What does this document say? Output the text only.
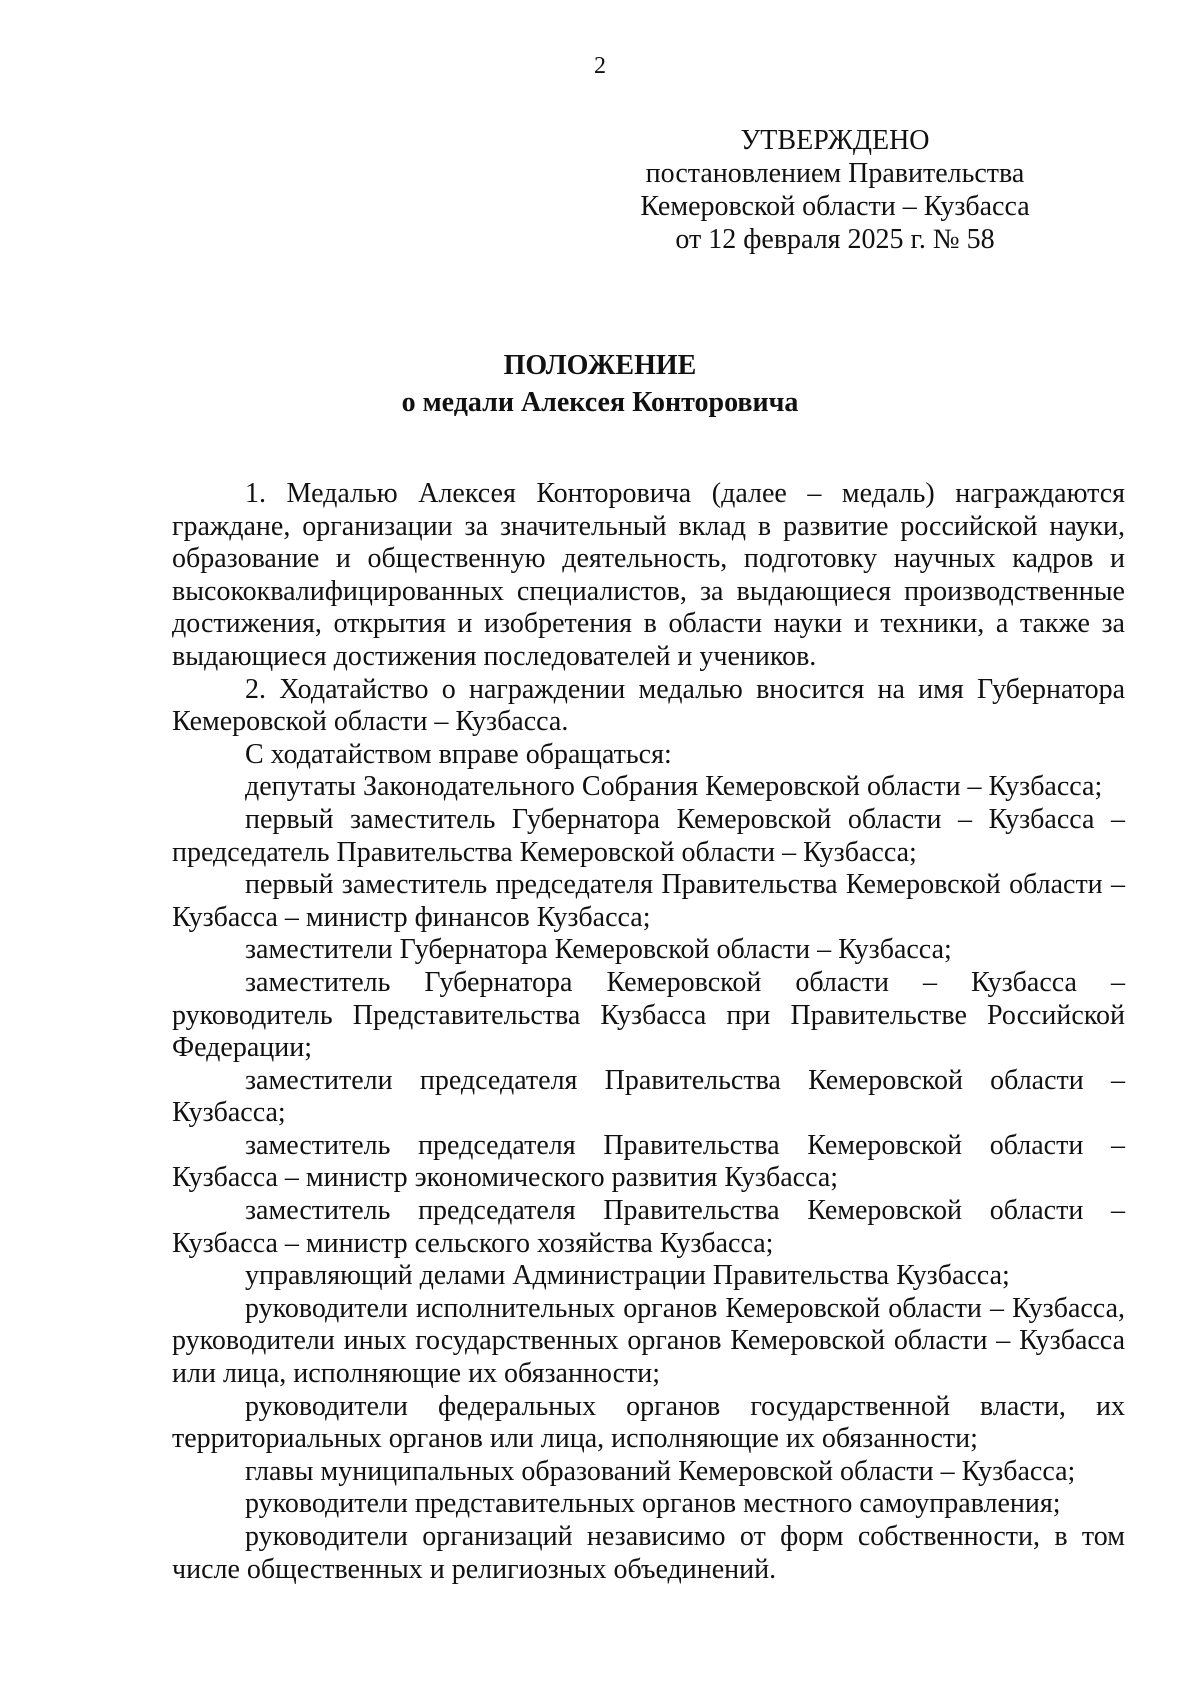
2
УТВЕРЖДЕНО
постановлением Правительства
Кемеровской области – Кузбасса
от 12 февраля 2025 г. № 58
ПОЛОЖЕНИЕ
о медали Алексея Конторовича

1. Медалью Алексея Конторовича (далее – медаль) награждаются граждане, организации за значительный вклад в развитие российской науки, образование и общественную деятельность, подготовку научных кадров и высококвалифицированных специалистов, за выдающиеся производственные достижения, открытия и изобретения в области науки и техники, а также за выдающиеся достижения последователей и учеников.

2. Ходатайство о награждении медалью вносится на имя Губернатора Кемеровской области – Кузбасса.

С ходатайством вправе обращаться:

депутаты Законодательного Собрания Кемеровской области – Кузбасса;

первый заместитель Губернатора Кемеровской области – Кузбасса – председатель Правительства Кемеровской области – Кузбасса;

первый заместитель председателя Правительства Кемеровской области – Кузбасса – министр финансов Кузбасса;

заместители Губернатора Кемеровской области – Кузбасса;

заместитель Губернатора Кемеровской области – Кузбасса – руководитель Представительства Кузбасса при Правительстве Российской Федерации;

заместители председателя Правительства Кемеровской области – Кузбасса;

заместитель председателя Правительства Кемеровской области – Кузбасса – министр экономического развития Кузбасса;

заместитель председателя Правительства Кемеровской области – Кузбасса – министр сельского хозяйства Кузбасса;

управляющий делами Администрации Правительства Кузбасса;

руководители исполнительных органов Кемеровской области – Кузбасса, руководители иных государственных органов Кемеровской области – Кузбасса или лица, исполняющие их обязанности;

руководители федеральных органов государственной власти, их территориальных органов или лица, исполняющие их обязанности;

главы муниципальных образований Кемеровской области – Кузбасса;

руководители представительных органов местного самоуправления;

руководители организаций независимо от форм собственности, в том числе общественных и религиозных объединений.
